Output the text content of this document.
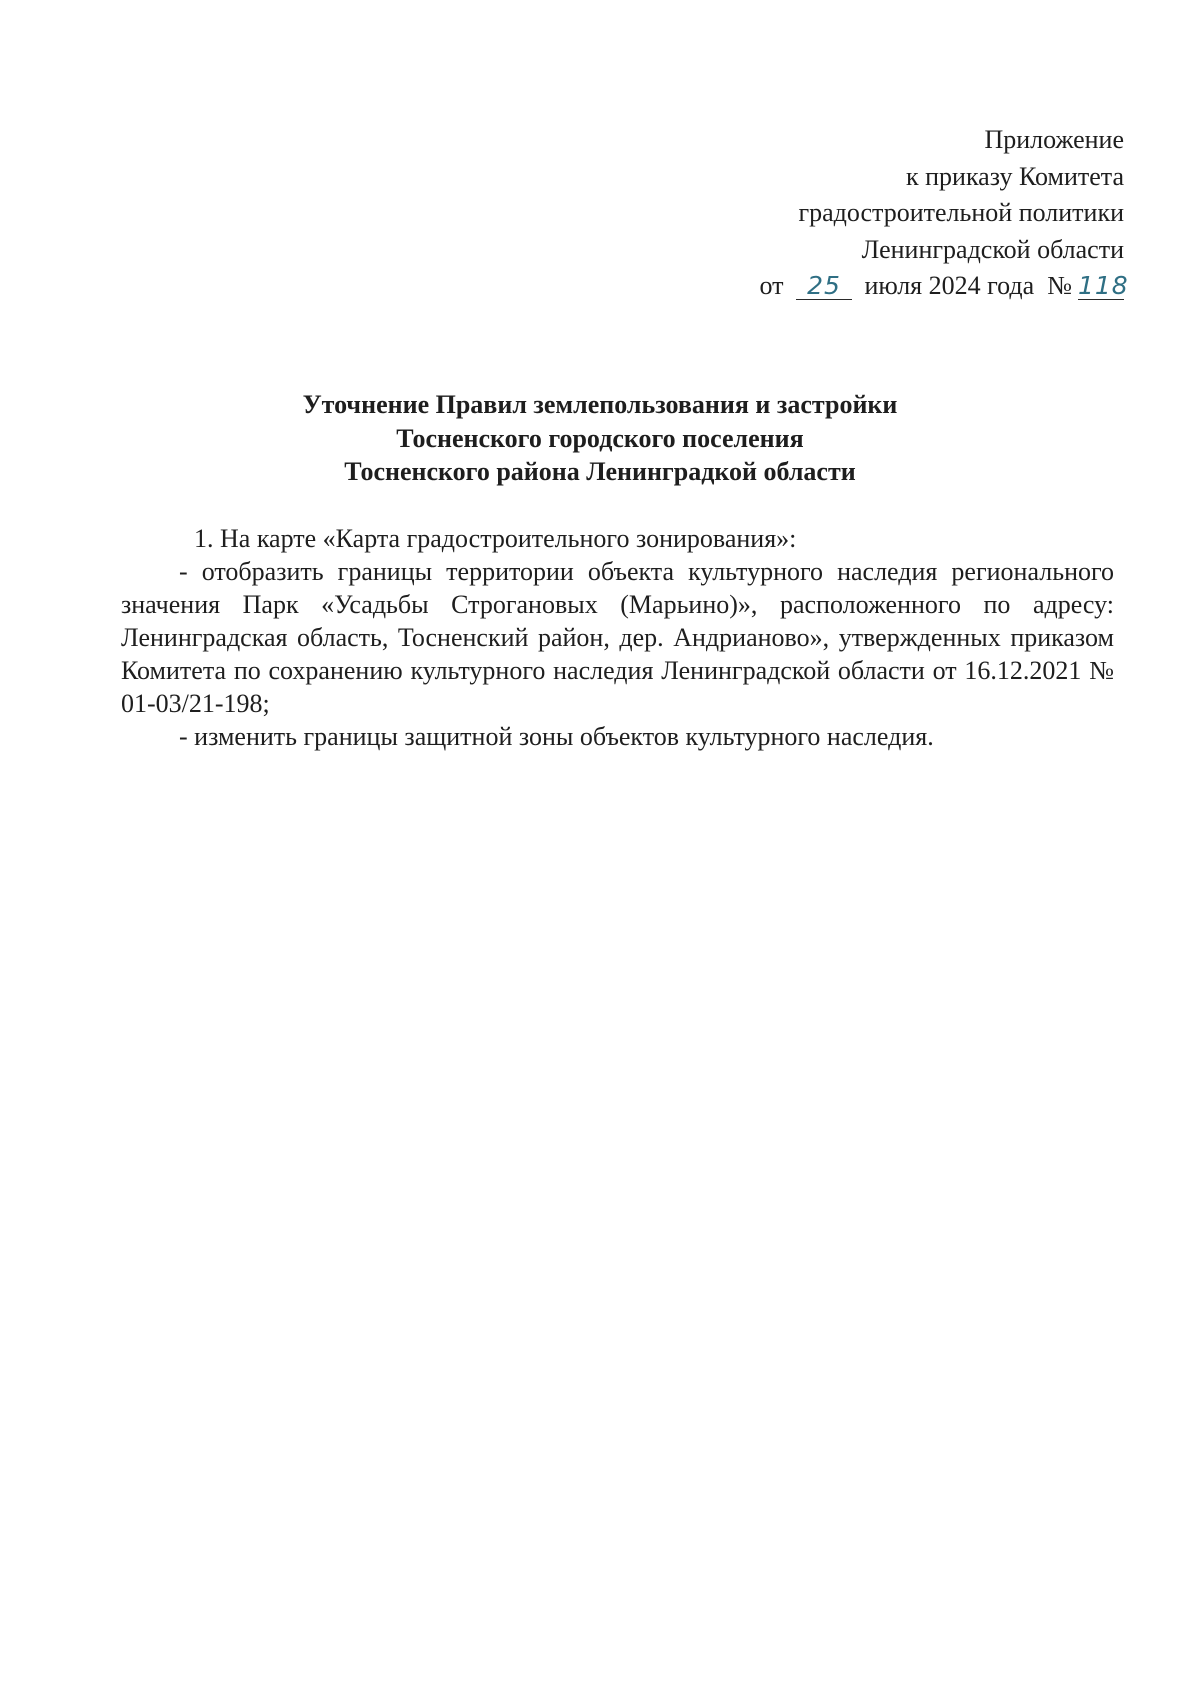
Приложение
к приказу Комитета
градостроительной политики
Ленинградской области
от 25 июля 2024 года № 118
Уточнение Правил землепользования и застройки
Тосненского городского поселения
Тосненского района Ленинградкой области

1. На карте «Карта градостроительного зонирования»:

- отобразить границы территории объекта культурного наследия регионального значения Парк «Усадьбы Строгановых (Марьино)», расположенного по адресу: Ленинградская область, Тосненский район, дер. Андрианово», утвержденных приказом Комитета по сохранению культурного наследия Ленинградской области от 16.12.2021 № 01-03/21-198;

- изменить границы защитной зоны объектов культурного наследия.
